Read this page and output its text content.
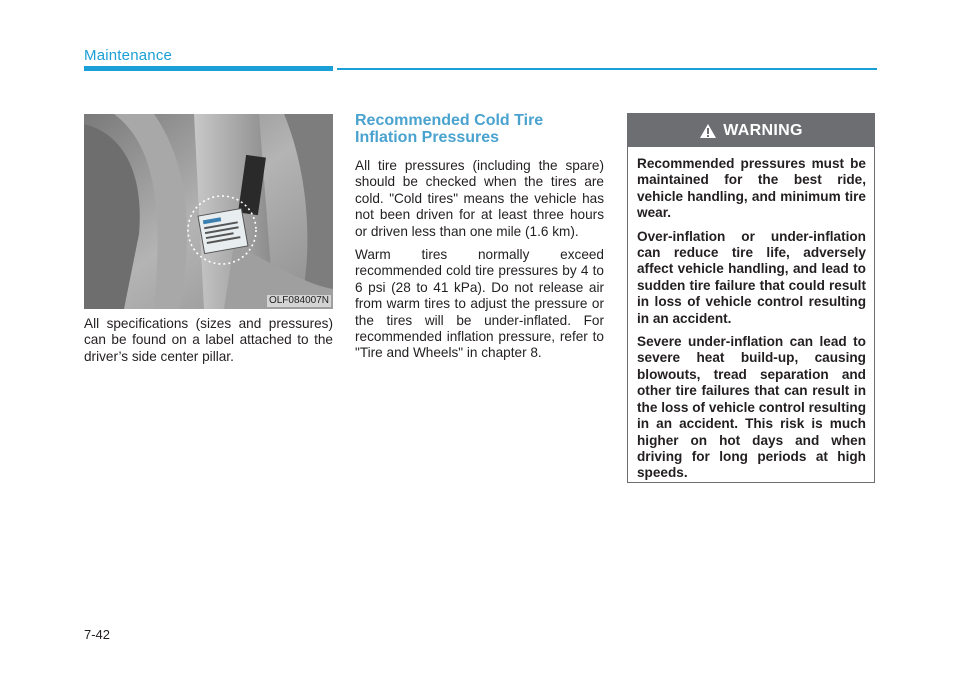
Maintenance
OLF084007N

All specifications (sizes and pressures) can be found on a label attached to the driver’s side center pillar.

Recommended Cold Tire
Inflation Pressures

All tire pressures (including the spare) should be checked when the tires are cold. "Cold tires" means the vehicle has not been driven for at least three hours or driven less than one mile (1.6 km).

Warm tires normally exceed recommended cold tire pressures by 4 to 6 psi (28 to 41 kPa). Do not release air from warm tires to adjust the pressure or the tires will be under-inflated. For recommended inflation pressure, refer to "Tire and Wheels" in chapter 8.

WARNING

Recommended pressures must be maintained for the best ride, vehicle handling, and minimum tire wear.

Over-inflation or under-inflation can reduce tire life, adversely affect vehicle handling, and lead to sudden tire failure that could result in loss of vehicle control resulting in an accident.

Severe under-inflation can lead to severe heat build-up, causing blowouts, tread separation and other tire failures that can result in the loss of vehicle control resulting in an accident. This risk is much higher on hot days and when driving for long periods at high speeds.

7-42
